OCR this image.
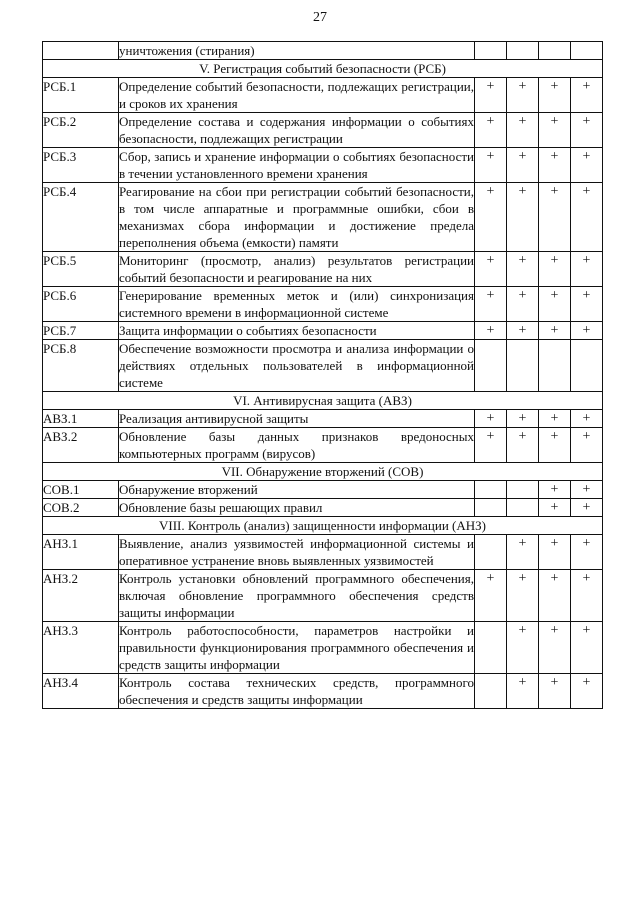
27
	уничтожения (стирания)				
V. Регистрация событий безопасности (РСБ)					
РСБ.1	Определение событий безопасности, подлежащих регистрации, и сроков их хранения	+	+	+	+
РСБ.2	Определение состава и содержания информации о событиях безопасности, подлежащих регистрации	+	+	+	+
РСБ.3	Сбор, запись и хранение информации о событиях безопасности в течении установленного времени хранения	+	+	+	+
РСБ.4	Реагирование на сбои при регистрации событий безопасности, в том числе аппаратные и программные ошибки, сбои в механизмах сбора информации и достижение предела переполнения объема (емкости) памяти	+	+	+	+
РСБ.5	Мониторинг (просмотр, анализ) результатов регистрации событий безопасности и реагирование на них	+	+	+	+
РСБ.6	Генерирование временных меток и (или) синхронизация системного времени в информационной системе	+	+	+	+
РСБ.7	Защита информации о событиях безопасности	+	+	+	+
РСБ.8	Обеспечение возможности просмотра и анализа информации о действиях отдельных пользователей в информационной системе				
VI. Антивирусная защита (АВЗ)					
АВЗ.1	Реализация антивирусной защиты	+	+	+	+
АВЗ.2	Обновление базы данных признаков вредоносных компьютерных программ (вирусов)	+	+	+	+
VII. Обнаружение вторжений (СОВ)					
СОВ.1	Обнаружение вторжений			+	+
СОВ.2	Обновление базы решающих правил			+	+
VIII. Контроль (анализ) защищенности информации (АНЗ)					
АНЗ.1	Выявление, анализ уязвимостей информационной системы и оперативное устранение вновь выявленных уязвимостей		+	+	+
АНЗ.2	Контроль установки обновлений программного обеспечения, включая обновление программного обеспечения средств защиты информации	+	+	+	+
АНЗ.3	Контроль работоспособности, параметров настройки и правильности функционирования программного обеспечения и средств защиты информации		+	+	+
АНЗ.4	Контроль состава технических средств, программного обеспечения и средств защиты информации		+	+	+
